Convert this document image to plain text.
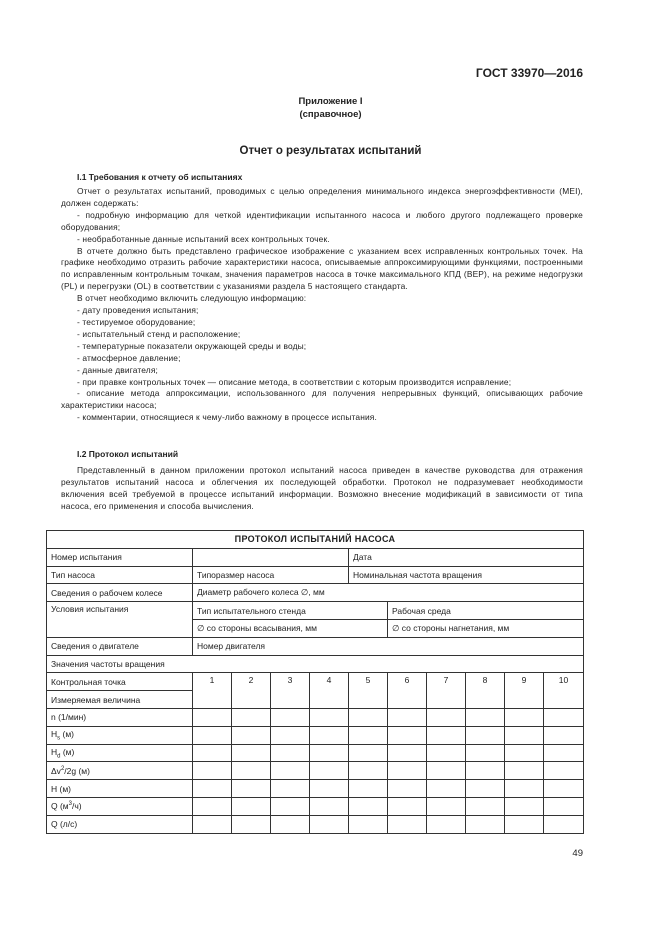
ГОСТ 33970—2016
Приложение I
(справочное)
Отчет о результатах испытаний
I.1 Требования к отчету об испытаниях

Отчет о результатах испытаний, проводимых с целью определения минимального индекса энергоэффективности (MEI), должен содержать:

- подробную информацию для четкой идентификации испытанного насоса и любого другого подлежащего проверке оборудования;

- необработанные данные испытаний всех контрольных точек.

В отчете должно быть представлено графическое изображение с указанием всех исправленных контрольных точек. На графике необходимо отразить рабочие характеристики насоса, описываемые аппроксимирующими функциями, построенными по исправленным контрольным точкам, значения параметров насоса в точке максимального КПД (BEP), на режиме недогрузки (PL) и перегрузки (OL) в соответствии с указаниями раздела 5 настоящего стандарта.

В отчет необходимо включить следующую информацию:

- дату проведения испытания;

- тестируемое оборудование;

- испытательный стенд и расположение;

- температурные показатели окружающей среды и воды;

- атмосферное давление;

- данные двигателя;

- при правке контрольных точек — описание метода, в соответствии с которым производится исправление;

- описание метода аппроксимации, использованного для получения непрерывных функций, описывающих рабочие характеристики насоса;

- комментарии, относящиеся к чему-либо важному в процессе испытания.

I.2 Протокол испытаний

Представленный в данном приложении протокол испытаний насоса приведен в качестве руководства для отражения результатов испытаний насоса и облегчения их последующей обработки. Протокол не подразумевает необходимости включения всей требуемой в процессе испытаний информации. Возможно внесение модификаций в зависимости от типа насоса, его применения и способа вычисления.

ПРОТОКОЛ ИСПЫТАНИЙ НАСОСА										
Номер испытания					Дата					
Тип насоса	Типоразмер насоса				Номинальная частота вращения					
Сведения о рабочем колесе	Диаметр рабочего колеса ∅, мм									
Условия испытания	Тип испытательного стенда					Рабочая среда				
	∅ со стороны всасывания, мм					∅ со стороны нагнетания, мм				
Сведения о двигателе	Номер двигателя									
Значения частоты вращения										
Контрольная точка	1	2	3	4	5	6	7	8	9	10
Измеряемая величина										
n (1/мин)										
$H_s$ (м)										
$H_d$ (м)										
$\Delta v^2/2g$ (м)										
H (м)										
Q $(м^3/ч)$										
Q (л/с)										
49
